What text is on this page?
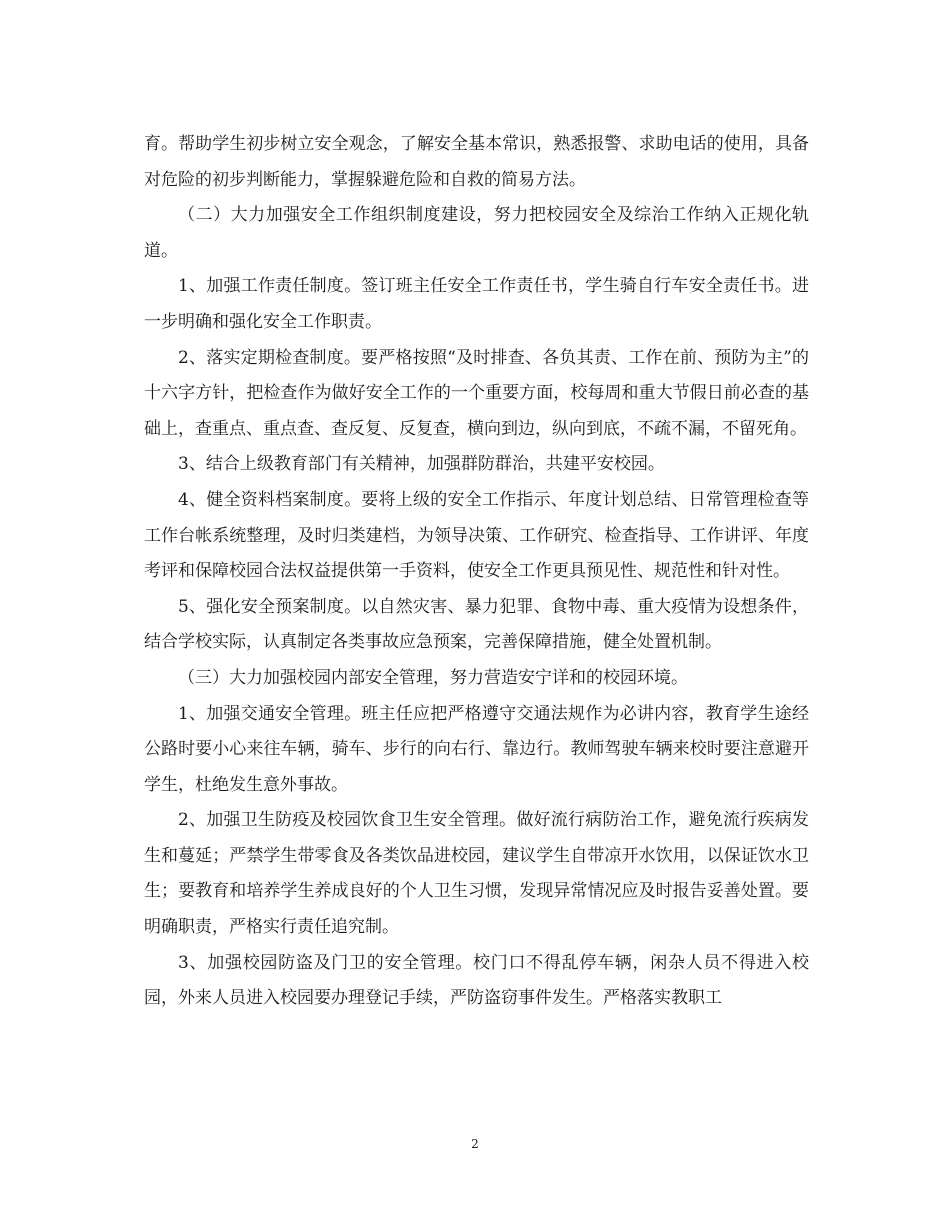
育。帮助学生初步树立安全观念，了解安全基本常识，熟悉报警、求助电话的使用，具备对危险的初步判断能力，掌握躲避危险和自救的简易方法。

（二）大力加强安全工作组织制度建设，努力把校园安全及综治工作纳入正规化轨道。

1、加强工作责任制度。签订班主任安全工作责任书，学生骑自行车安全责任书。进一步明确和强化安全工作职责。

2、落实定期检查制度。要严格按照“及时排查、各负其责、工作在前、预防为主”的十六字方针，把检查作为做好安全工作的一个重要方面，校每周和重大节假日前必查的基础上，查重点、重点查、查反复、反复查，横向到边，纵向到底，不疏不漏，不留死角。

3、结合上级教育部门有关精神，加强群防群治，共建平安校园。

4、健全资料档案制度。要将上级的安全工作指示、年度计划总结、日常管理检查等工作台帐系统整理，及时归类建档，为领导决策、工作研究、检查指导、工作讲评、年度考评和保障校园合法权益提供第一手资料，使安全工作更具预见性、规范性和针对性。

5、强化安全预案制度。以自然灾害、暴力犯罪、食物中毒、重大疫情为设想条件，结合学校实际，认真制定各类事故应急预案，完善保障措施，健全处置机制。

（三）大力加强校园内部安全管理，努力营造安宁详和的校园环境。

1、加强交通安全管理。班主任应把严格遵守交通法规作为必讲内容，教育学生途经公路时要小心来往车辆，骑车、步行的向右行、靠边行。教师驾驶车辆来校时要注意避开学生，杜绝发生意外事故。

2、加强卫生防疫及校园饮食卫生安全管理。做好流行病防治工作，避免流行疾病发生和蔓延；严禁学生带零食及各类饮品进校园，建议学生自带凉开水饮用，以保证饮水卫生；要教育和培养学生养成良好的个人卫生习惯，发现异常情况应及时报告妥善处置。要明确职责，严格实行责任追究制。

3、加强校园防盗及门卫的安全管理。校门口不得乱停车辆，闲杂人员不得进入校园，外来人员进入校园要办理登记手续，严防盗窃事件发生。严格落实教职工

2
